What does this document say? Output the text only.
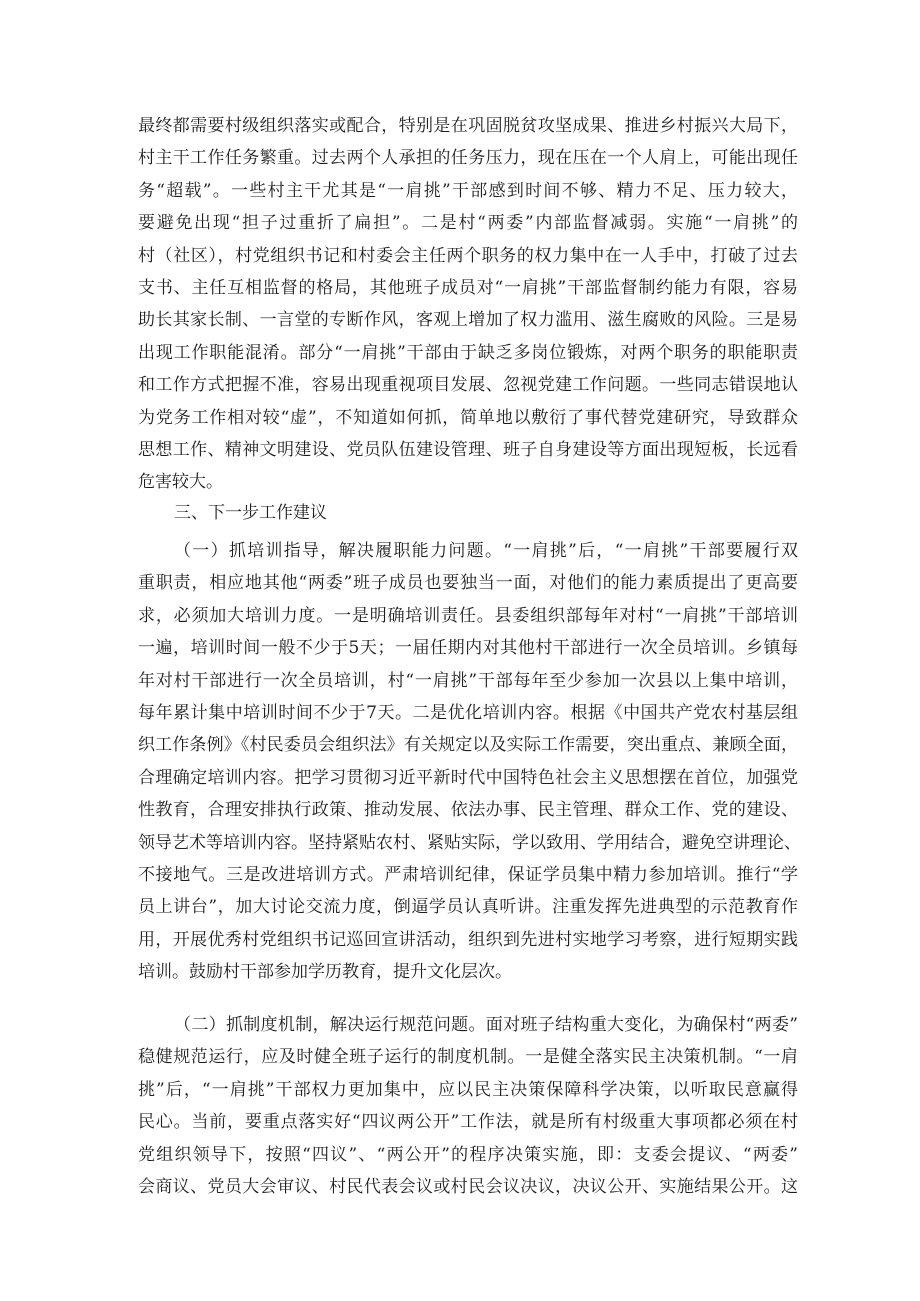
最终都需要村级组织落实或配合，特别是在巩固脱贫攻坚成果、推进乡村振兴大局下，
村主干工作任务繁重。过去两个人承担的任务压力，现在压在一个人肩上，可能出现任
务“超载”。一些村主干尤其是“一肩挑”干部感到时间不够、精力不足、压力较大，
要避免出现“担子过重折了扁担”。二是村“两委”内部监督减弱。实施“一肩挑”的
村（社区），村党组织书记和村委会主任两个职务的权力集中在一人手中，打破了过去
支书、主任互相监督的格局，其他班子成员对“一肩挑”干部监督制约能力有限，容易
助长其家长制、一言堂的专断作风，客观上增加了权力滥用、滋生腐败的风险。三是易
出现工作职能混淆。部分“一肩挑”干部由于缺乏多岗位锻炼，对两个职务的职能职责
和工作方式把握不准，容易出现重视项目发展、忽视党建工作问题。一些同志错误地认
为党务工作相对较“虚”，不知道如何抓，简单地以敷衍了事代替党建研究，导致群众
思想工作、精神文明建设、党员队伍建设管理、班子自身建设等方面出现短板，长远看
危害较大。
三、下一步工作建议
（一）抓培训指导，解决履职能力问题。“一肩挑”后，“一肩挑”干部要履行双
重职责，相应地其他“两委”班子成员也要独当一面，对他们的能力素质提出了更高要
求，必须加大培训力度。一是明确培训责任。县委组织部每年对村“一肩挑”干部培训
一遍，培训时间一般不少于5天；一届任期内对其他村干部进行一次全员培训。乡镇每
年对村干部进行一次全员培训，村“一肩挑”干部每年至少参加一次县以上集中培训，
每年累计集中培训时间不少于7天。二是优化培训内容。根据《中国共产党农村基层组
织工作条例》《村民委员会组织法》有关规定以及实际工作需要，突出重点、兼顾全面，
合理确定培训内容。把学习贯彻习近平新时代中国特色社会主义思想摆在首位，加强党
性教育，合理安排执行政策、推动发展、依法办事、民主管理、群众工作、党的建设、
领导艺术等培训内容。坚持紧贴农村、紧贴实际，学以致用、学用结合，避免空讲理论、
不接地气。三是改进培训方式。严肃培训纪律，保证学员集中精力参加培训。推行“学
员上讲台”，加大讨论交流力度，倒逼学员认真听讲。注重发挥先进典型的示范教育作
用，开展优秀村党组织书记巡回宣讲活动，组织到先进村实地学习考察，进行短期实践
培训。鼓励村干部参加学历教育，提升文化层次。
（二）抓制度机制，解决运行规范问题。面对班子结构重大变化，为确保村“两委”
稳健规范运行，应及时健全班子运行的制度机制。一是健全落实民主决策机制。“一肩
挑”后，“一肩挑”干部权力更加集中，应以民主决策保障科学决策，以听取民意赢得
民心。当前，要重点落实好“四议两公开”工作法，就是所有村级重大事项都必须在村
党组织领导下，按照“四议”、“两公开”的程序决策实施，即：支委会提议、“两委”
会商议、党员大会审议、村民代表会议或村民会议决议，决议公开、实施结果公开。这
